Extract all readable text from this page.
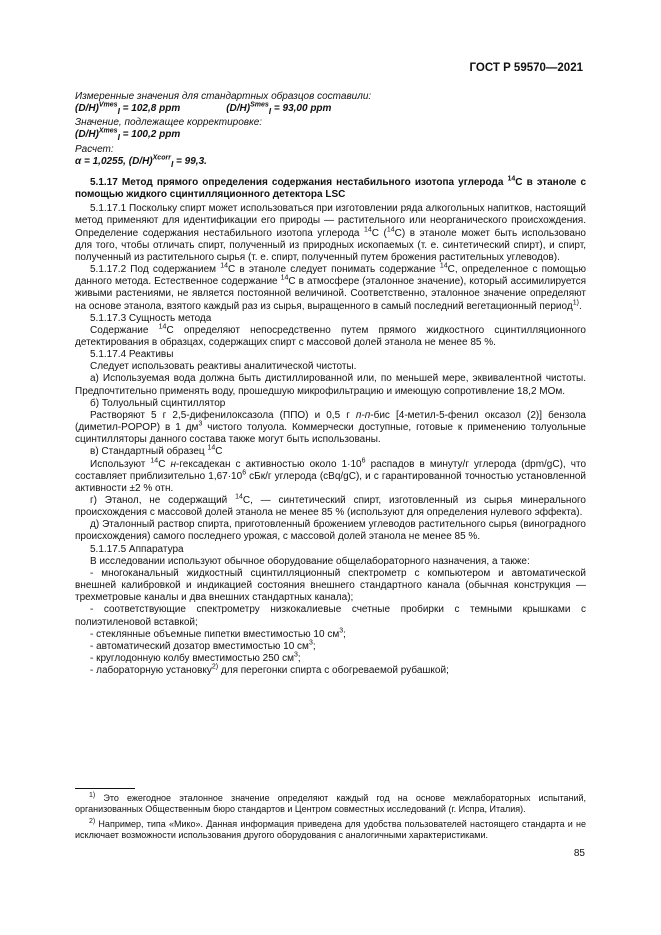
ГОСТ Р 59570—2021

Измеренные значения для стандартных образцов составили:

$(D/H)^{Vmes}_I = 102,8$ ppm	$(D/H)^{Smes}_I = 93,00$ ppm

Значение, подлежащее корректировке:

$(D/H)^{Xmes}_I = 100,2$ ppm

Расчет:

α = 1,0255, $(D/H)^{Xcorr}_I = 99,3$.

5.1.17 Метод прямого определения содержания нестабильного изотопа углерода $^{14}$С в этаноле с помощью жидкого сцинтилляционного детектора LSC

5.1.17.1 Поскольку спирт может использоваться при изготовлении ряда алкогольных напитков, настоящий метод применяют для идентификации его природы — растительного или неорганического происхождения. Определение содержания нестабильного изотопа углерода $^{14}$С ($^{14}$С) в этаноле может быть использовано для того, чтобы отличать спирт, полученный из природных ископаемых (т. е. синтетический спирт), и спирт, полученный из растительного сырья (т. е. спирт, полученный путем брожения растительных углеводов).

5.1.17.2 Под содержанием $^{14}$С в этаноле следует понимать содержание $^{14}$С, определенное с помощью данного метода. Естественное содержание $^{14}$С в атмосфере (эталонное значение), который ассимилируется живыми растениями, не является постоянной величиной. Соответственно, эталонное значение определяют на основе этанола, взятого каждый раз из сырья, выращенного в самый последний вегетационный период$^{1)}$.

5.1.17.3 Сущность метода

Содержание $^{14}$С определяют непосредственно путем прямого жидкостного сцинтилляционного детектирования в образцах, содержащих спирт с массовой долей этанола не менее 85 %.

5.1.17.4 Реактивы

Следует использовать реактивы аналитической чистоты.

а) Используемая вода должна быть дистиллированной или, по меньшей мере, эквивалентной чистоты. Предпочтительно применять воду, прошедшую микрофильтрацию и имеющую сопротивление 18,2 МОм.

б) Толуольный сцинтиллятор

Растворяют 5 г 2,5-дифенилоксазола (ППО) и 0,5 г п-п-бис [4-метил-5-фенил оксазол (2)] бензола (диметил-POPOP) в 1 $дм^3$ чистого толуола. Коммерчески доступные, готовые к применению толуольные сцинтилляторы данного состава также могут быть использованы.

в) Стандартный образец $^{14}$С

Используют $^{14}$С н-гексадекан с активностью около $1\cdot 10^6$ распадов в минуту/г углерода (dpm/gC), что составляет приблизительно $1,67\cdot 10^6$ сБк/г углерода (cBq/gC), и с гарантированной точностью установленной активности ±2 % отн.

г) Этанол, не содержащий $^{14}$С, — синтетический спирт, изготовленный из сырья минерального происхождения с массовой долей этанола не менее 85 % (используют для определения нулевого эффекта).

д) Эталонный раствор спирта, приготовленный брожением углеводов растительного сырья (виноградного происхождения) самого последнего урожая, с массовой долей этанола не менее 85 %.

5.1.17.5 Аппаратура

В исследовании используют обычное оборудование общелабораторного назначения, а также:

- многоканальный жидкостный сцинтилляционный спектрометр с компьютером и автоматической внешней калибровкой и индикацией состояния внешнего стандартного канала (обычная конструкция — трехметровые каналы и два внешних стандартных канала);

- соответствующие спектрометру низкокалиевые счетные пробирки с темными крышками с полиэтиленовой вставкой;

- стеклянные объемные пипетки вместимостью 10 $см^3$;

- автоматический дозатор вместимостью 10 $см^3$;

- круглодонную колбу вместимостью 250 $см^3$;

- лабораторную установку$^{2)}$ для перегонки спирта с обогреваемой рубашкой;

$^{1)}$ Это ежегодное эталонное значение определяют каждый год на основе межлабораторных испытаний, организованных Общественным бюро стандартов и Центром совместных исследований (г. Испра, Италия).

$^{2)}$ Например, типа «Мико». Данная информация приведена для удобства пользователей настоящего стандарта и не исключает возможности использования другого оборудования с аналогичными характеристиками.

85
